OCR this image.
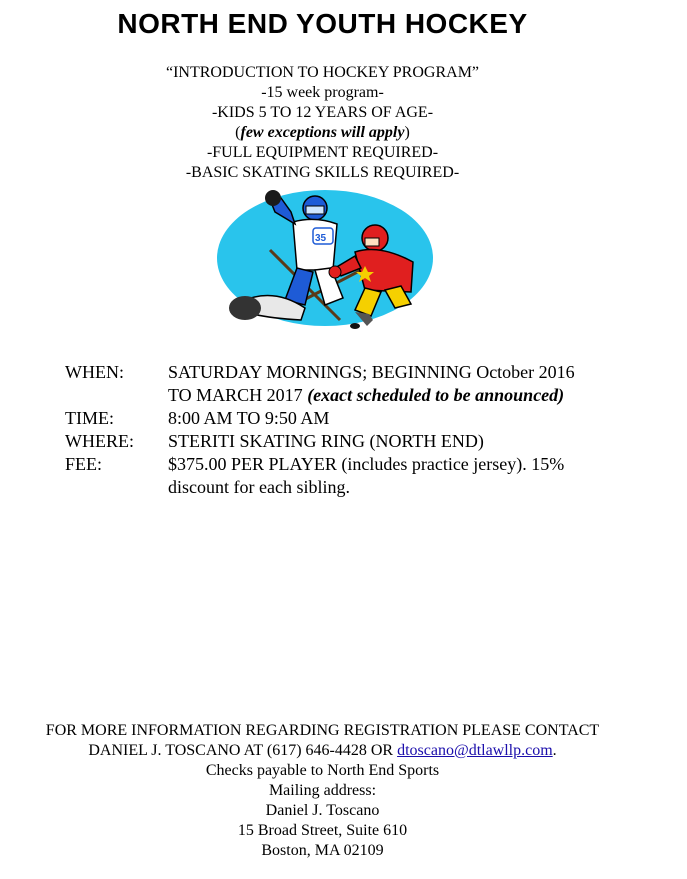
NORTH END YOUTH HOCKEY
“INTRODUCTION TO HOCKEY PROGRAM”
-15 week program-
-KIDS 5 TO 12 YEARS OF AGE-
(few exceptions will apply)
-FULL EQUIPMENT REQUIRED-
-BASIC SKATING SKILLS REQUIRED-
35
WHEN:	SATURDAY MORNINGS; BEGINNING October 2016
TO MARCH 2017 (exact scheduled to be announced)
TIME:	8:00 AM TO 9:50 AM
WHERE:	STERITI SKATING RING (NORTH END)
FEE:	$375.00 PER PLAYER (includes practice jersey). 15%
discount for each sibling.
FOR MORE INFORMATION REGARDING REGISTRATION PLEASE CONTACT
DANIEL J. TOSCANO AT (617) 646-4428 OR dtoscano@dtlawllp.com.
Checks payable to North End Sports
Mailing address:
Daniel J. Toscano
15 Broad Street, Suite 610
Boston, MA 02109
